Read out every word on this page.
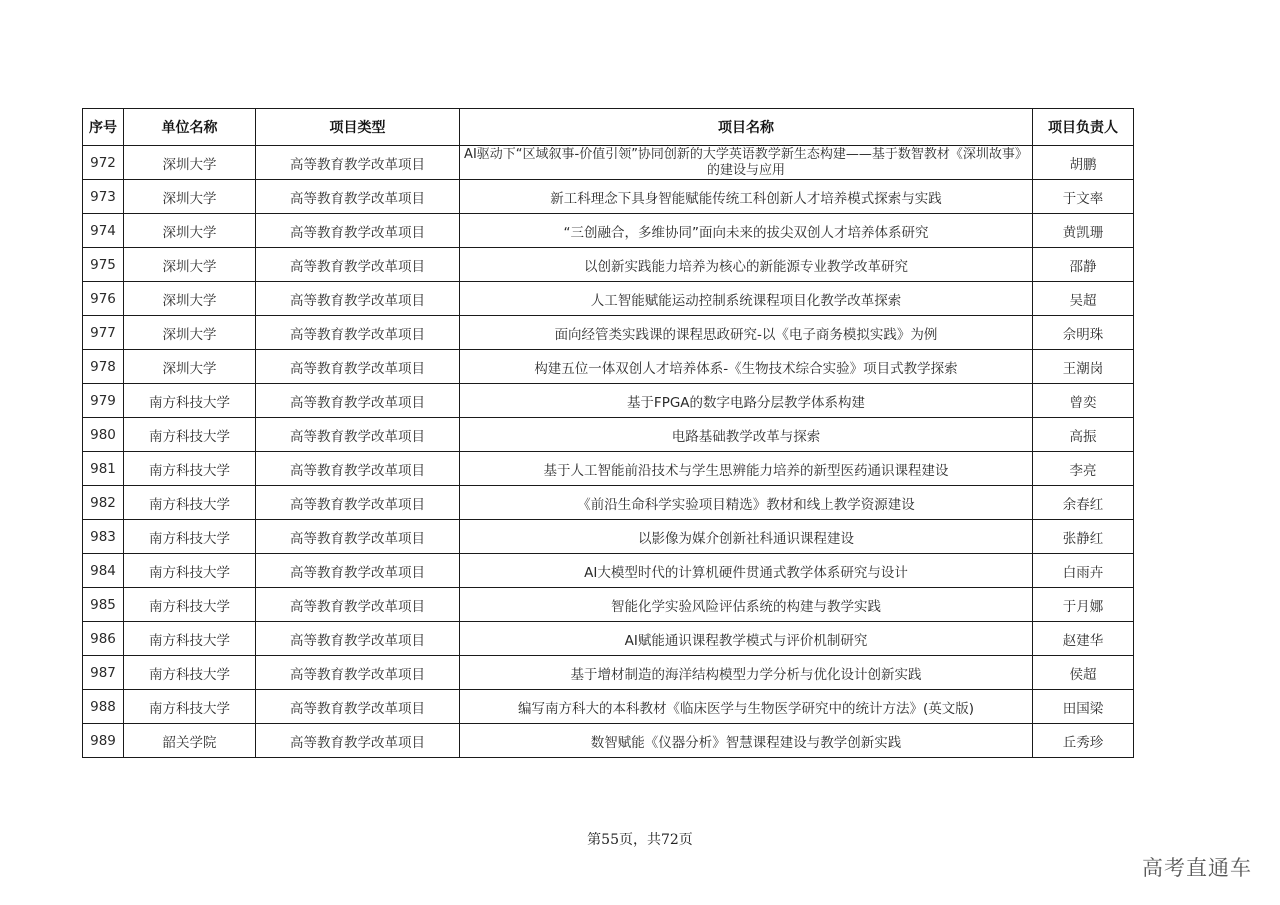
序号	单位名称	项目类型	项目名称	项目负责人
972	深圳大学	高等教育教学改革项目	AI驱动下“区域叙事-价值引领”协同创新的大学英语教学新生态构建——基于数智教材《深圳故事》的建设与应用	胡鹏
973	深圳大学	高等教育教学改革项目	新工科理念下具身智能赋能传统工科创新人才培养模式探索与实践	于文率
974	深圳大学	高等教育教学改革项目	“三创融合，多维协同”面向未来的拔尖双创人才培养体系研究	黄凯珊
975	深圳大学	高等教育教学改革项目	以创新实践能力培养为核心的新能源专业教学改革研究	邵静
976	深圳大学	高等教育教学改革项目	人工智能赋能运动控制系统课程项目化教学改革探索	吴超
977	深圳大学	高等教育教学改革项目	面向经管类实践课的课程思政研究-以《电子商务模拟实践》为例	佘明珠
978	深圳大学	高等教育教学改革项目	构建五位一体双创人才培养体系-《生物技术综合实验》项目式教学探索	王潮岗
979	南方科技大学	高等教育教学改革项目	基于FPGA的数字电路分层教学体系构建	曾奕
980	南方科技大学	高等教育教学改革项目	电路基础教学改革与探索	高振
981	南方科技大学	高等教育教学改革项目	基于人工智能前沿技术与学生思辨能力培养的新型医药通识课程建设	李亮
982	南方科技大学	高等教育教学改革项目	《前沿生命科学实验项目精选》教材和线上教学资源建设	余春红
983	南方科技大学	高等教育教学改革项目	以影像为媒介创新社科通识课程建设	张静红
984	南方科技大学	高等教育教学改革项目	AI大模型时代的计算机硬件贯通式教学体系研究与设计	白雨卉
985	南方科技大学	高等教育教学改革项目	智能化学实验风险评估系统的构建与教学实践	于月娜
986	南方科技大学	高等教育教学改革项目	AI赋能通识课程教学模式与评价机制研究	赵建华
987	南方科技大学	高等教育教学改革项目	基于增材制造的海洋结构模型力学分析与优化设计创新实践	侯超
988	南方科技大学	高等教育教学改革项目	编写南方科大的本科教材《临床医学与生物医学研究中的统计方法》(英文版)	田国梁
989	韶关学院	高等教育教学改革项目	数智赋能《仪器分析》智慧课程建设与教学创新实践	丘秀珍
第55页，共72页
高考直通车
